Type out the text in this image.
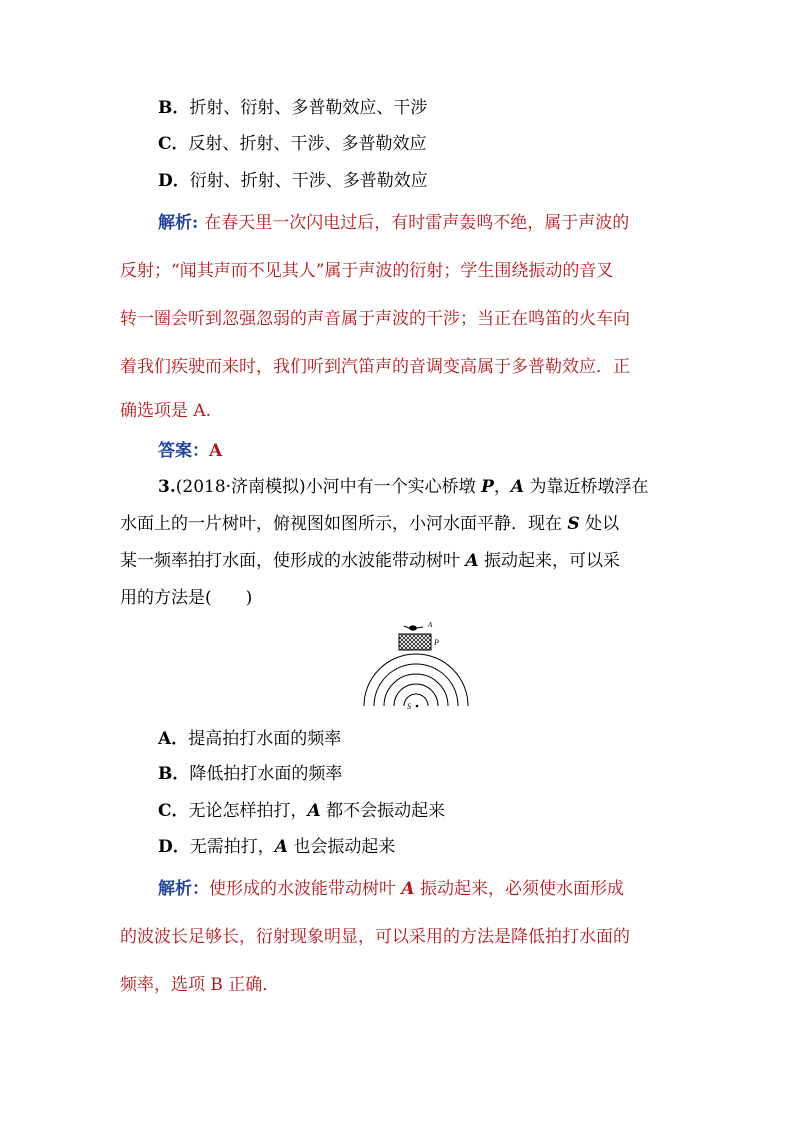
B．折射、衍射、多普勒效应、干涉
C．反射、折射、干涉、多普勒效应
D．衍射、折射、干涉、多普勒效应
解析: 在春天里一次闪电过后，有时雷声轰鸣不绝，属于声波的
反射；“闻其声而不见其人”属于声波的衍射；学生围绕振动的音叉
转一圈会听到忽强忽弱的声音属于声波的干涉；当正在鸣笛的火车向
着我们疾驶而来时，我们听到汽笛声的音调变高属于多普勒效应．正
确选项是 A.
答案：A
3.(2018·济南模拟)小河中有一个实心桥墩 P，A 为靠近桥墩浮在
水面上的一片树叶，俯视图如图所示，小河水面平静．现在 S 处以
某一频率拍打水面，使形成的水波能带动树叶 A 振动起来，可以采
用的方法是(　　)
A
P
S
A．提高拍打水面的频率
B．降低拍打水面的频率
C．无论怎样拍打，A 都不会振动起来
D．无需拍打，A 也会振动起来
解析：使形成的水波能带动树叶 A 振动起来，必须使水面形成
的波波长足够长，衍射现象明显，可以采用的方法是降低拍打水面的
频率，选项 B 正确．
